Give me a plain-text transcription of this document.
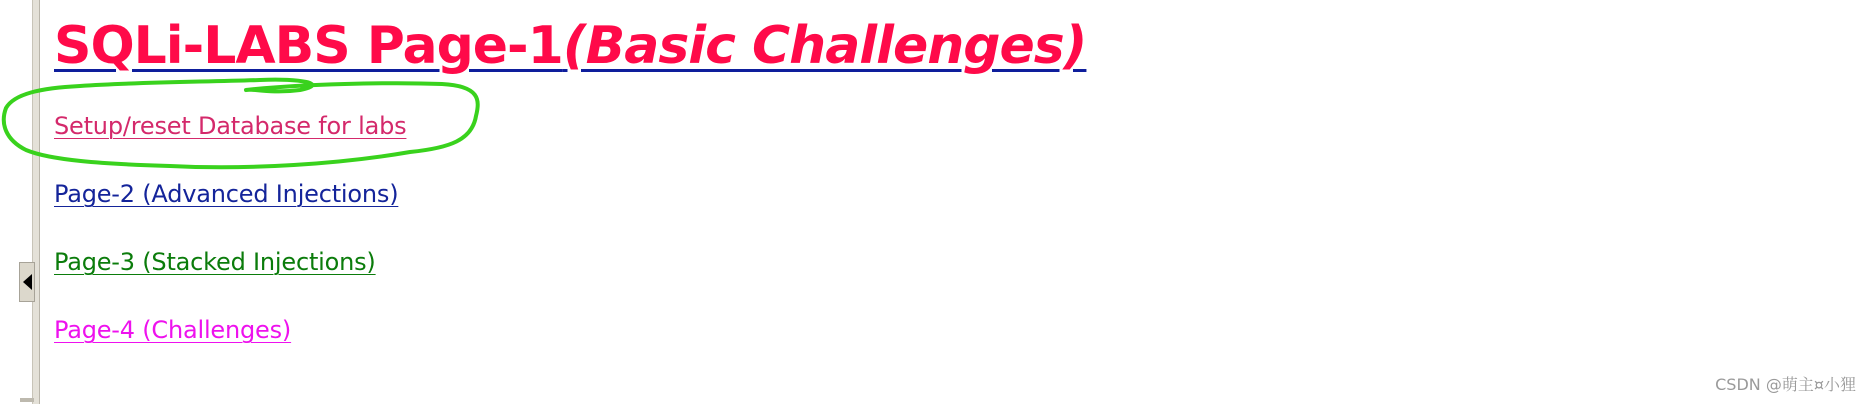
SQLi-LABS Page-1(Basic Challenges)
Setup/reset Database for labs
Page-2 (Advanced Injections)
Page-3 (Stacked Injections)
Page-4 (Challenges)
CSDN @萌主¤小狸
